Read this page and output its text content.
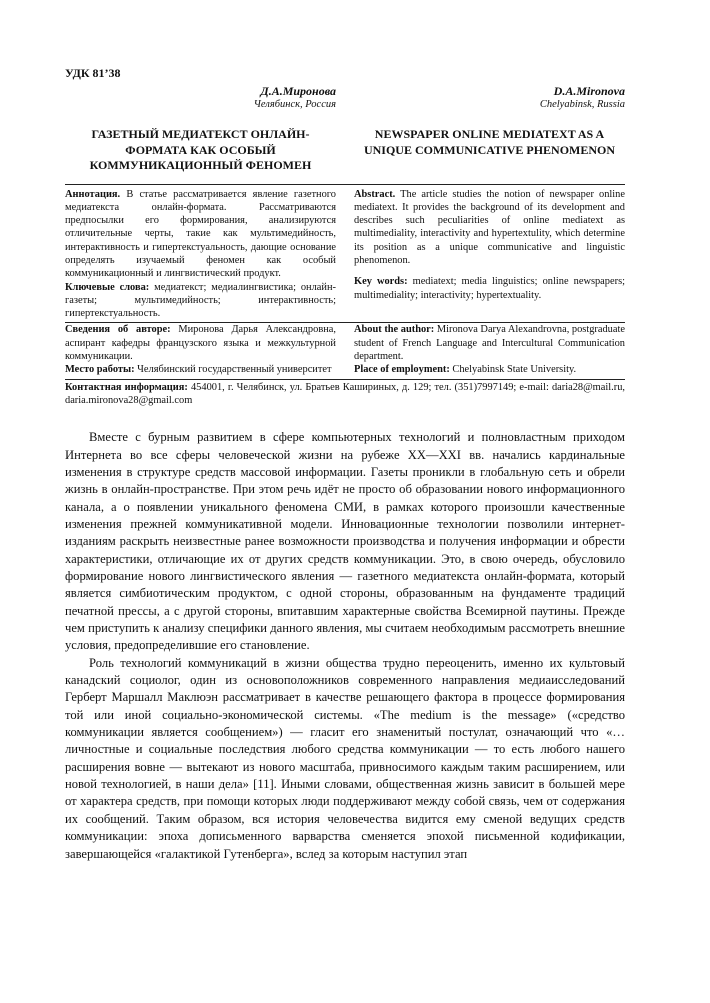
УДК 81’38
Д.А.Миронова
Челябинск, Россия
D.A.Mironova
Chelyabinsk, Russia
ГАЗЕТНЫЙ МЕДИАТЕКСТ ОНЛАЙН-ФОРМАТА КАК ОСОБЫЙ КОММУНИКАЦИОННЫЙ ФЕНОМЕН
NEWSPAPER ONLINE MEDIATEXT AS A UNIQUE COMMUNICATIVE PHENOMENON
Аннотация. В статье рассматривается явление газетного медиатекста онлайн-формата. Рассматриваются предпосылки его формирования, анализируются отличительные черты, такие как мультимедийность, интерактивность и гипертекстуальность, дающие основание определять изучаемый феномен как особый коммуникационный и лингвистический продукт.
Ключевые слова: медиатекст; медиалингвистика; онлайн-газеты; мультимедийность; интерактивность; гипертекстуальность.
Abstract. The article studies the notion of newspaper online mediatext. It provides the background of its development and describes such peculiarities of online mediatext as multimediality, interactivity and hypertextulity, which determine its position as a unique communicative and linguistic phenomenon.
Key words: mediatext; media linguistics; online newspapers; multimediality; interactivity; hypertextuality.
Сведения об авторе: Миронова Дарья Александровна, аспирант кафедры французского языка и межкультурной коммуникации.
Место работы: Челябинский государственный университет
About the author: Mironova Darya Alexandrovna, postgraduate student of French Language and Intercultural Communication department.
Place of employment: Chelyabinsk State University.
Контактная информация: 454001, г. Челябинск, ул. Братьев Кашириных, д. 129; тел. (351)7997149; e-mail: daria28@mail.ru, daria.mironova28@gmail.com

Вместе с бурным развитием в сфере компьютерных технологий и полновластным приходом Интернета во все сферы человеческой жизни на рубеже XX—XXI вв. начались кардинальные изменения в структуре средств массовой информации. Газеты проникли в глобальную сеть и обрели жизнь в онлайн-пространстве. При этом речь идёт не просто об образовании нового информационного канала, а о появлении уникального феномена СМИ, в рамках которого произошли качественные изменения прежней коммуникативной модели. Инновационные технологии позволили интернет-изданиям раскрыть неизвестные ранее возможности производства и получения информации и обрести характеристики, отличающие их от других средств коммуникации. Это, в свою очередь, обусловило формирование нового лингвистического явления — газетного медиатекста онлайн-формата, который является симбиотическим продуктом, с одной стороны, образованным на фундаменте традиций печатной прессы, а с другой стороны, впитавшим характерные свойства Всемирной паутины. Прежде чем приступить к анализу специфики данного явления, мы считаем необходимым рассмотреть внешние условия, предопределившие его становление.

Роль технологий коммуникаций в жизни общества трудно переоценить, именно их культовый канадский социолог, один из основоположников современного направления медиаисследований Герберт Маршалл Маклюэн рассматривает в качестве решающего фактора в процессе формирования той или иной социально-экономической системы. «The medium is the message» («средство коммуникации является сообщением») — гласит его знаменитый постулат, означающий что «…личностные и социальные последствия любого средства коммуникации — то есть любого нашего расширения вовне — вытекают из нового масштаба, привносимого каждым таким расширением, или новой технологией, в наши дела» [11]. Иными словами, общественная жизнь зависит в большей мере от характера средств, при помощи которых люди поддерживают между собой связь, чем от содержания их сообщений. Таким образом, вся история человечества видится ему сменой ведущих средств коммуникации: эпоха дописьменного варварства сменяется эпохой письменной кодификации, завершающейся «галактикой Гутенберга», вслед за которым наступил этап
